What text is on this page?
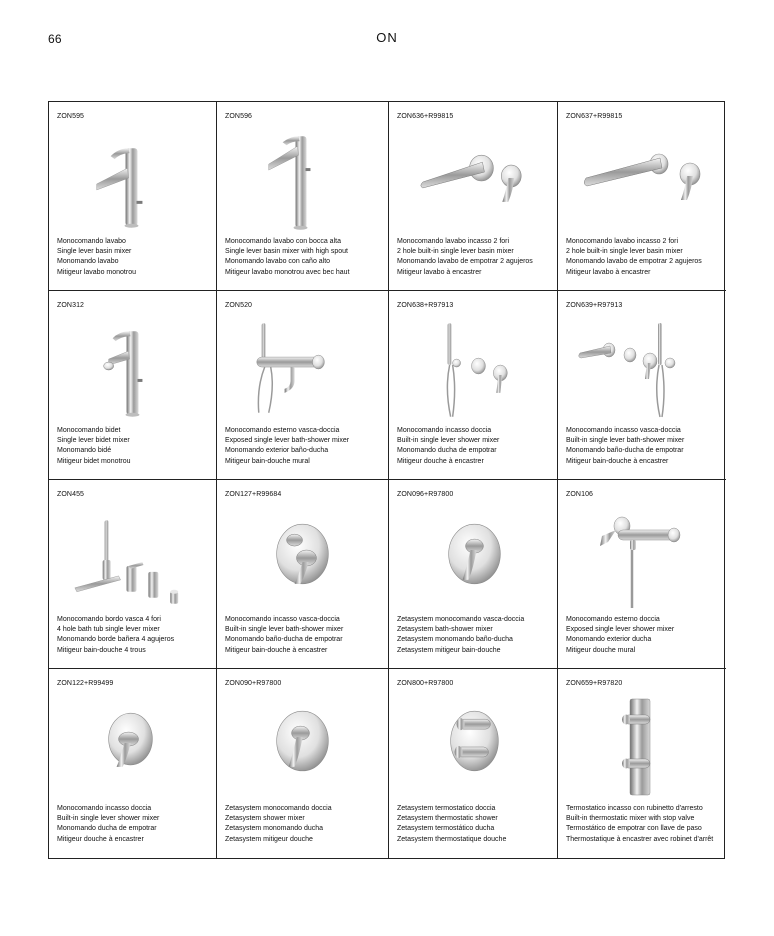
66	ON
ZON595
Monocomando lavabo
Single lever basin mixer
Monomando lavabo
Mitigeur lavabo monotrou
ZON596
Monocomando lavabo con bocca alta
Single lever basin mixer with high spout
Monomando lavabo con caño alto
Mitigeur lavabo monotrou avec bec haut
ZON636+R99815
Monocomando lavabo incasso 2 fori
2 hole built-in single lever basin mixer
Monomando lavabo de empotrar 2 agujeros
Mitigeur lavabo à encastrer
ZON637+R99815
Monocomando lavabo incasso 2 fori
2 hole built-in single lever basin mixer
Monomando lavabo de empotrar 2 agujeros
Mitigeur lavabo à encastrer
ZON312
Monocomando bidet
Single lever bidet mixer
Monomando bidé
Mitigeur bidet monotrou
ZON520
Monocomando esterno vasca-doccia
Exposed single lever bath-shower mixer
Monomando exterior baño-ducha
Mitigeur bain-douche mural
ZON638+R97913
Monocomando incasso doccia
Built-in single lever shower mixer
Monomando ducha de empotrar
Mitigeur douche à encastrer
ZON639+R97913
Monocomando incasso vasca-doccia
Built-in single lever bath-shower mixer
Monomando baño-ducha de empotrar
Mitigeur bain-douche à encastrer
ZON455
Monocomando bordo vasca 4 fori
4 hole bath tub single lever mixer
Monomando borde bañera 4 agujeros
Mitigeur bain-douche 4 trous
ZON127+R99684
Monocomando incasso vasca-doccia
Built-in single lever bath-shower mixer
Monomando baño-ducha de empotrar
Mitigeur bain-douche à encastrer
ZON096+R97800
Zetasystem monocomando vasca-doccia
Zetasystem bath-shower mixer
Zetasystem monomando baño-ducha
Zetasystem mitigeur bain-douche
ZON106
Monocomando esterno doccia
Exposed single lever shower mixer
Monomando exterior ducha
Mitigeur douche mural
ZON122+R99499
Monocomando incasso doccia
Built-in single lever shower mixer
Monomando ducha de empotrar
Mitigeur douche à encastrer
ZON090+R97800
Zetasystem monocomando doccia
Zetasystem shower mixer
Zetasystem monomando ducha
Zetasystem mitigeur douche
ZON800+R97800
Zetasystem termostatico doccia
Zetasystem thermostatic shower
Zetasystem termostático ducha
Zetasystem thermostatique douche
ZON659+R97820
Termostatico incasso con rubinetto d'arresto
Built-in thermostatic mixer with stop valve
Termostático de empotrar con llave de paso
Thermostatique à encastrer avec robinet d'arrêt
